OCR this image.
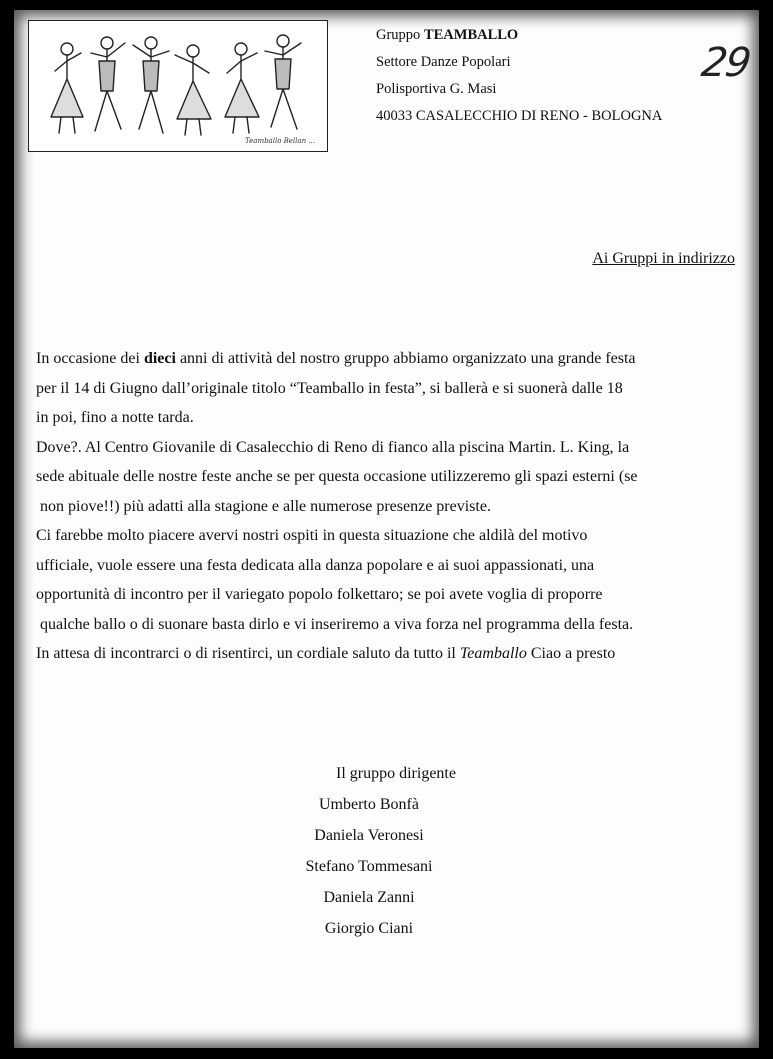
Teamballo Bellan ...
Gruppo TEAMBALLO
Settore Danze Popolari
Polisportiva G. Masi
40033 CASALECCHIO DI RENO - BOLOGNA
29
Ai Gruppi in indirizzo
In occasione dei dieci anni di attività del nostro gruppo abbiamo organizzato una grande festa
per il 14 di Giugno dall’originale titolo “Teamballo in festa”, si ballerà e si suonerà dalle 18
in poi, fino a notte tarda.
Dove?. Al Centro Giovanile di Casalecchio di Reno di fianco alla piscina Martin. L. King, la
sede abituale delle nostre feste anche se per questa occasione utilizzeremo gli spazi esterni (se
non piove!!) più adatti alla stagione e alle numerose presenze previste.
Ci farebbe molto piacere avervi nostri ospiti in questa situazione che aldilà del motivo
ufficiale, vuole essere una festa dedicata alla danza popolare e ai suoi appassionati, una
opportunità di incontro per il variegato popolo folkettaro; se poi avete voglia di proporre
qualche ballo o di suonare basta dirlo e vi inseriremo a viva forza nel programma della festa.
In attesa di incontrarci o di risentirci, un cordiale saluto da tutto il Teamballo Ciao a presto
Il gruppo dirigente
Umberto Bonfà
Daniela Veronesi
Stefano Tommesani
Daniela Zanni
Giorgio Ciani
